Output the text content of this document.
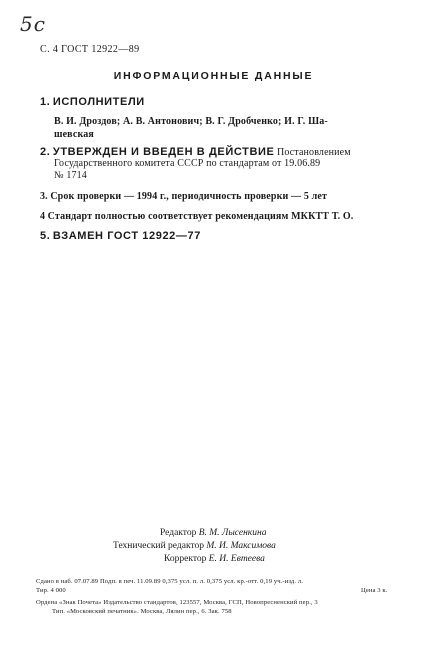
5c
С. 4 ГОСТ 12922—89
ИНФОРМАЦИОННЫЕ ДАННЫЕ
1. ИСПОЛНИТЕЛИ
В. И. Дроздов; А. В. Антонович; В. Г. Дробченко; И. Г. Ша-
шевская
2. УТВЕРЖДЕН И ВВЕДЕН В ДЕЙСТВИЕ Постановлением
Государственного комитета СССР по стандартам от 19.06.89
№ 1714
3. Срок проверки — 1994 г., периодичность проверки — 5 лет
4 Стандарт полностью соответствует рекомендациям МККТТ Т. О.
5. ВЗАМЕН ГОСТ 12922—77
Редактор В. М. Лысенкина
Технический редактор М. И. Максимова
Корректор Е. И. Евтеева
Сдано в наб. 07.07.89 Подп. в печ. 11.09.89 0,375 усл. п. л. 0,375 усл. кр.-отт. 0,19 уч.-изд. л.
Тир. 4 000	Цена 3 к.
Ордена «Знак Почета» Издательство стандартов, 123557, Москва, ГСП, Новопресненский пер., 3
Тип. «Московский печатник». Москва, Лялин пер., 6. Зак. 758
